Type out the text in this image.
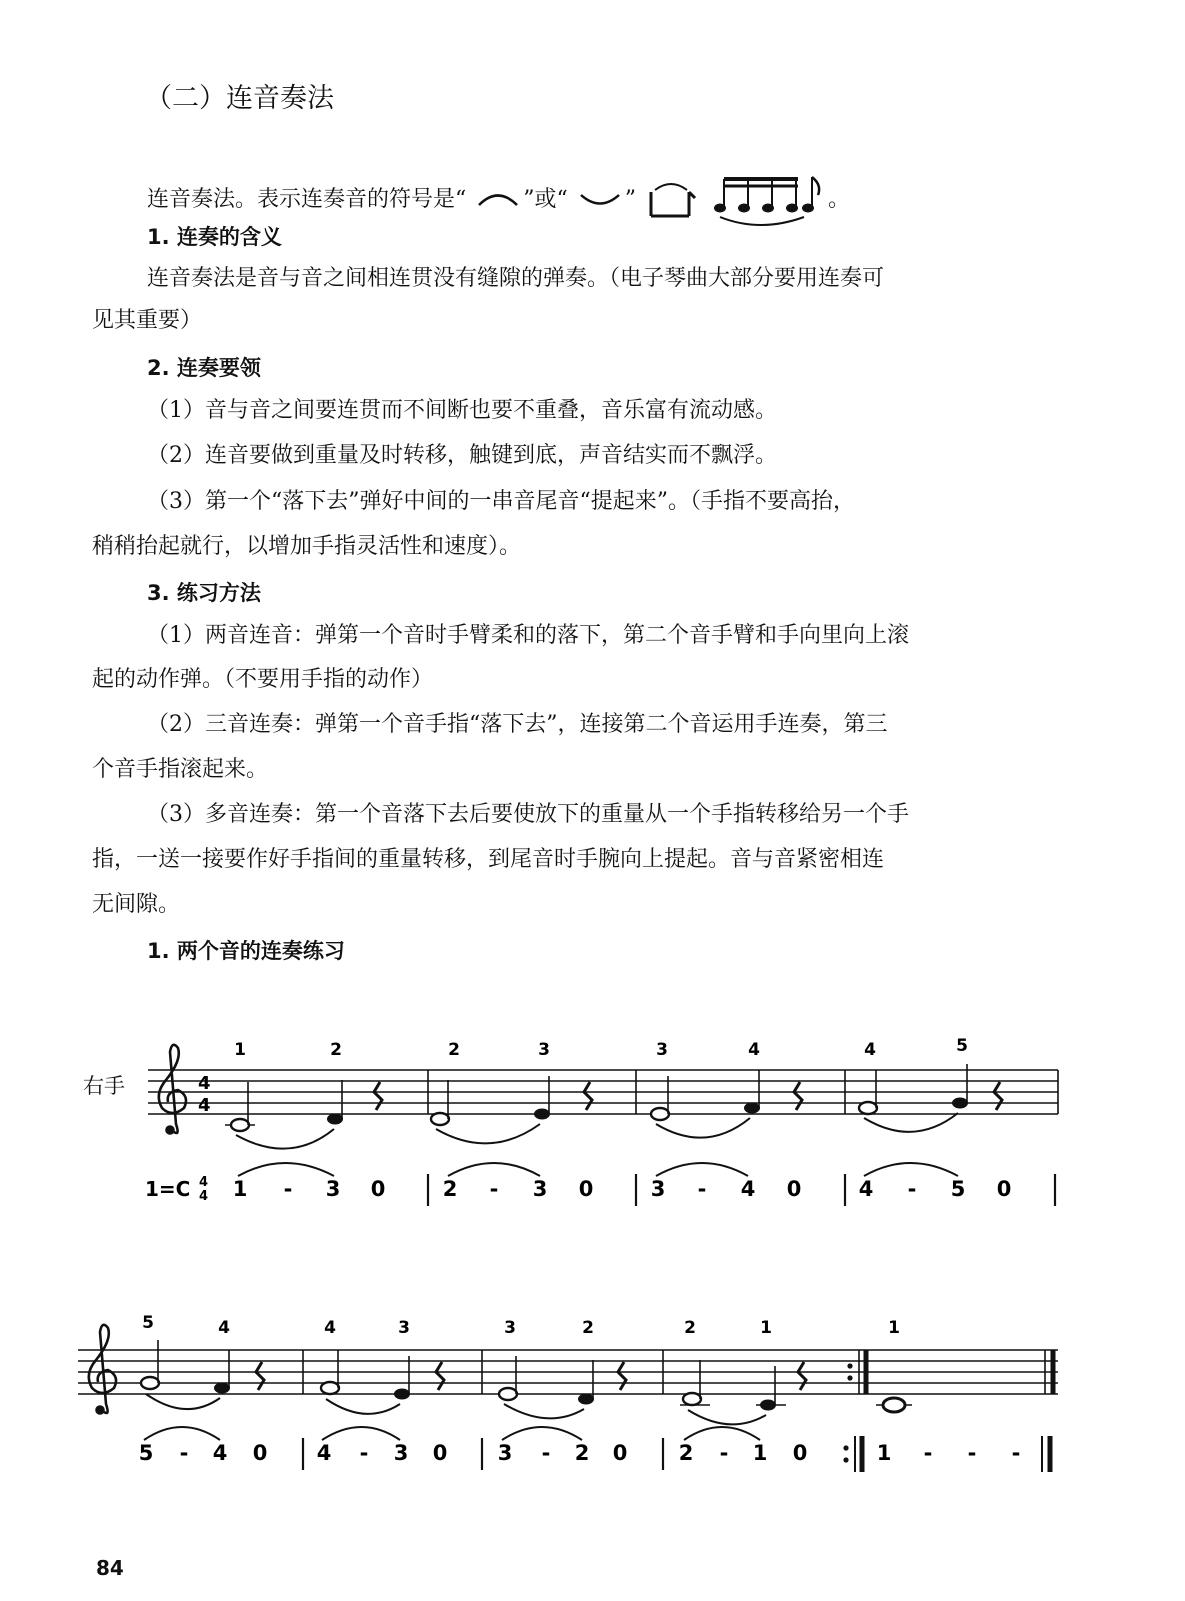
（二）连音奏法
连音奏法。表示连奏音的符号是“	”或“	”	。
1. 连奏的含义
连音奏法是音与音之间相连贯没有缝隙的弹奏。（电子琴曲大部分要用连奏可
见其重要）
2. 连奏要领
（1）音与音之间要连贯而不间断也要不重叠，音乐富有流动感。
（2）连音要做到重量及时转移，触键到底，声音结实而不飘浮。
（3）第一个“落下去”弹好中间的一串音尾音“提起来”。（手指不要高抬，
稍稍抬起就行，以增加手指灵活性和速度）。
3. 练习方法
（1）两音连音：弹第一个音时手臂柔和的落下，第二个音手臂和手向里向上滚
起的动作弹。（不要用手指的动作）
（2）三音连奏：弹第一个音手指“落下去”，连接第二个音运用手连奏，第三
个音手指滚起来。
（3）多音连奏：第一个音落下去后要使放下的重量从一个手指转移给另一个手
指，一送一接要作好手指间的重量转移，到尾音时手腕向上提起。音与音紧密相连
无间隙。
1. 两个音的连奏练习
右手	4
4
1	2	2	3	3	4	4	5
1=C 4
4 1 - 3 0	2 - 3 0	3 - 4 0	4 - 5 0
5	4	4	3	3	2	2	1	1
5 - 4 0 4 - 3 0 3 - 2 0 2 - 1 0	1 - - -
84
